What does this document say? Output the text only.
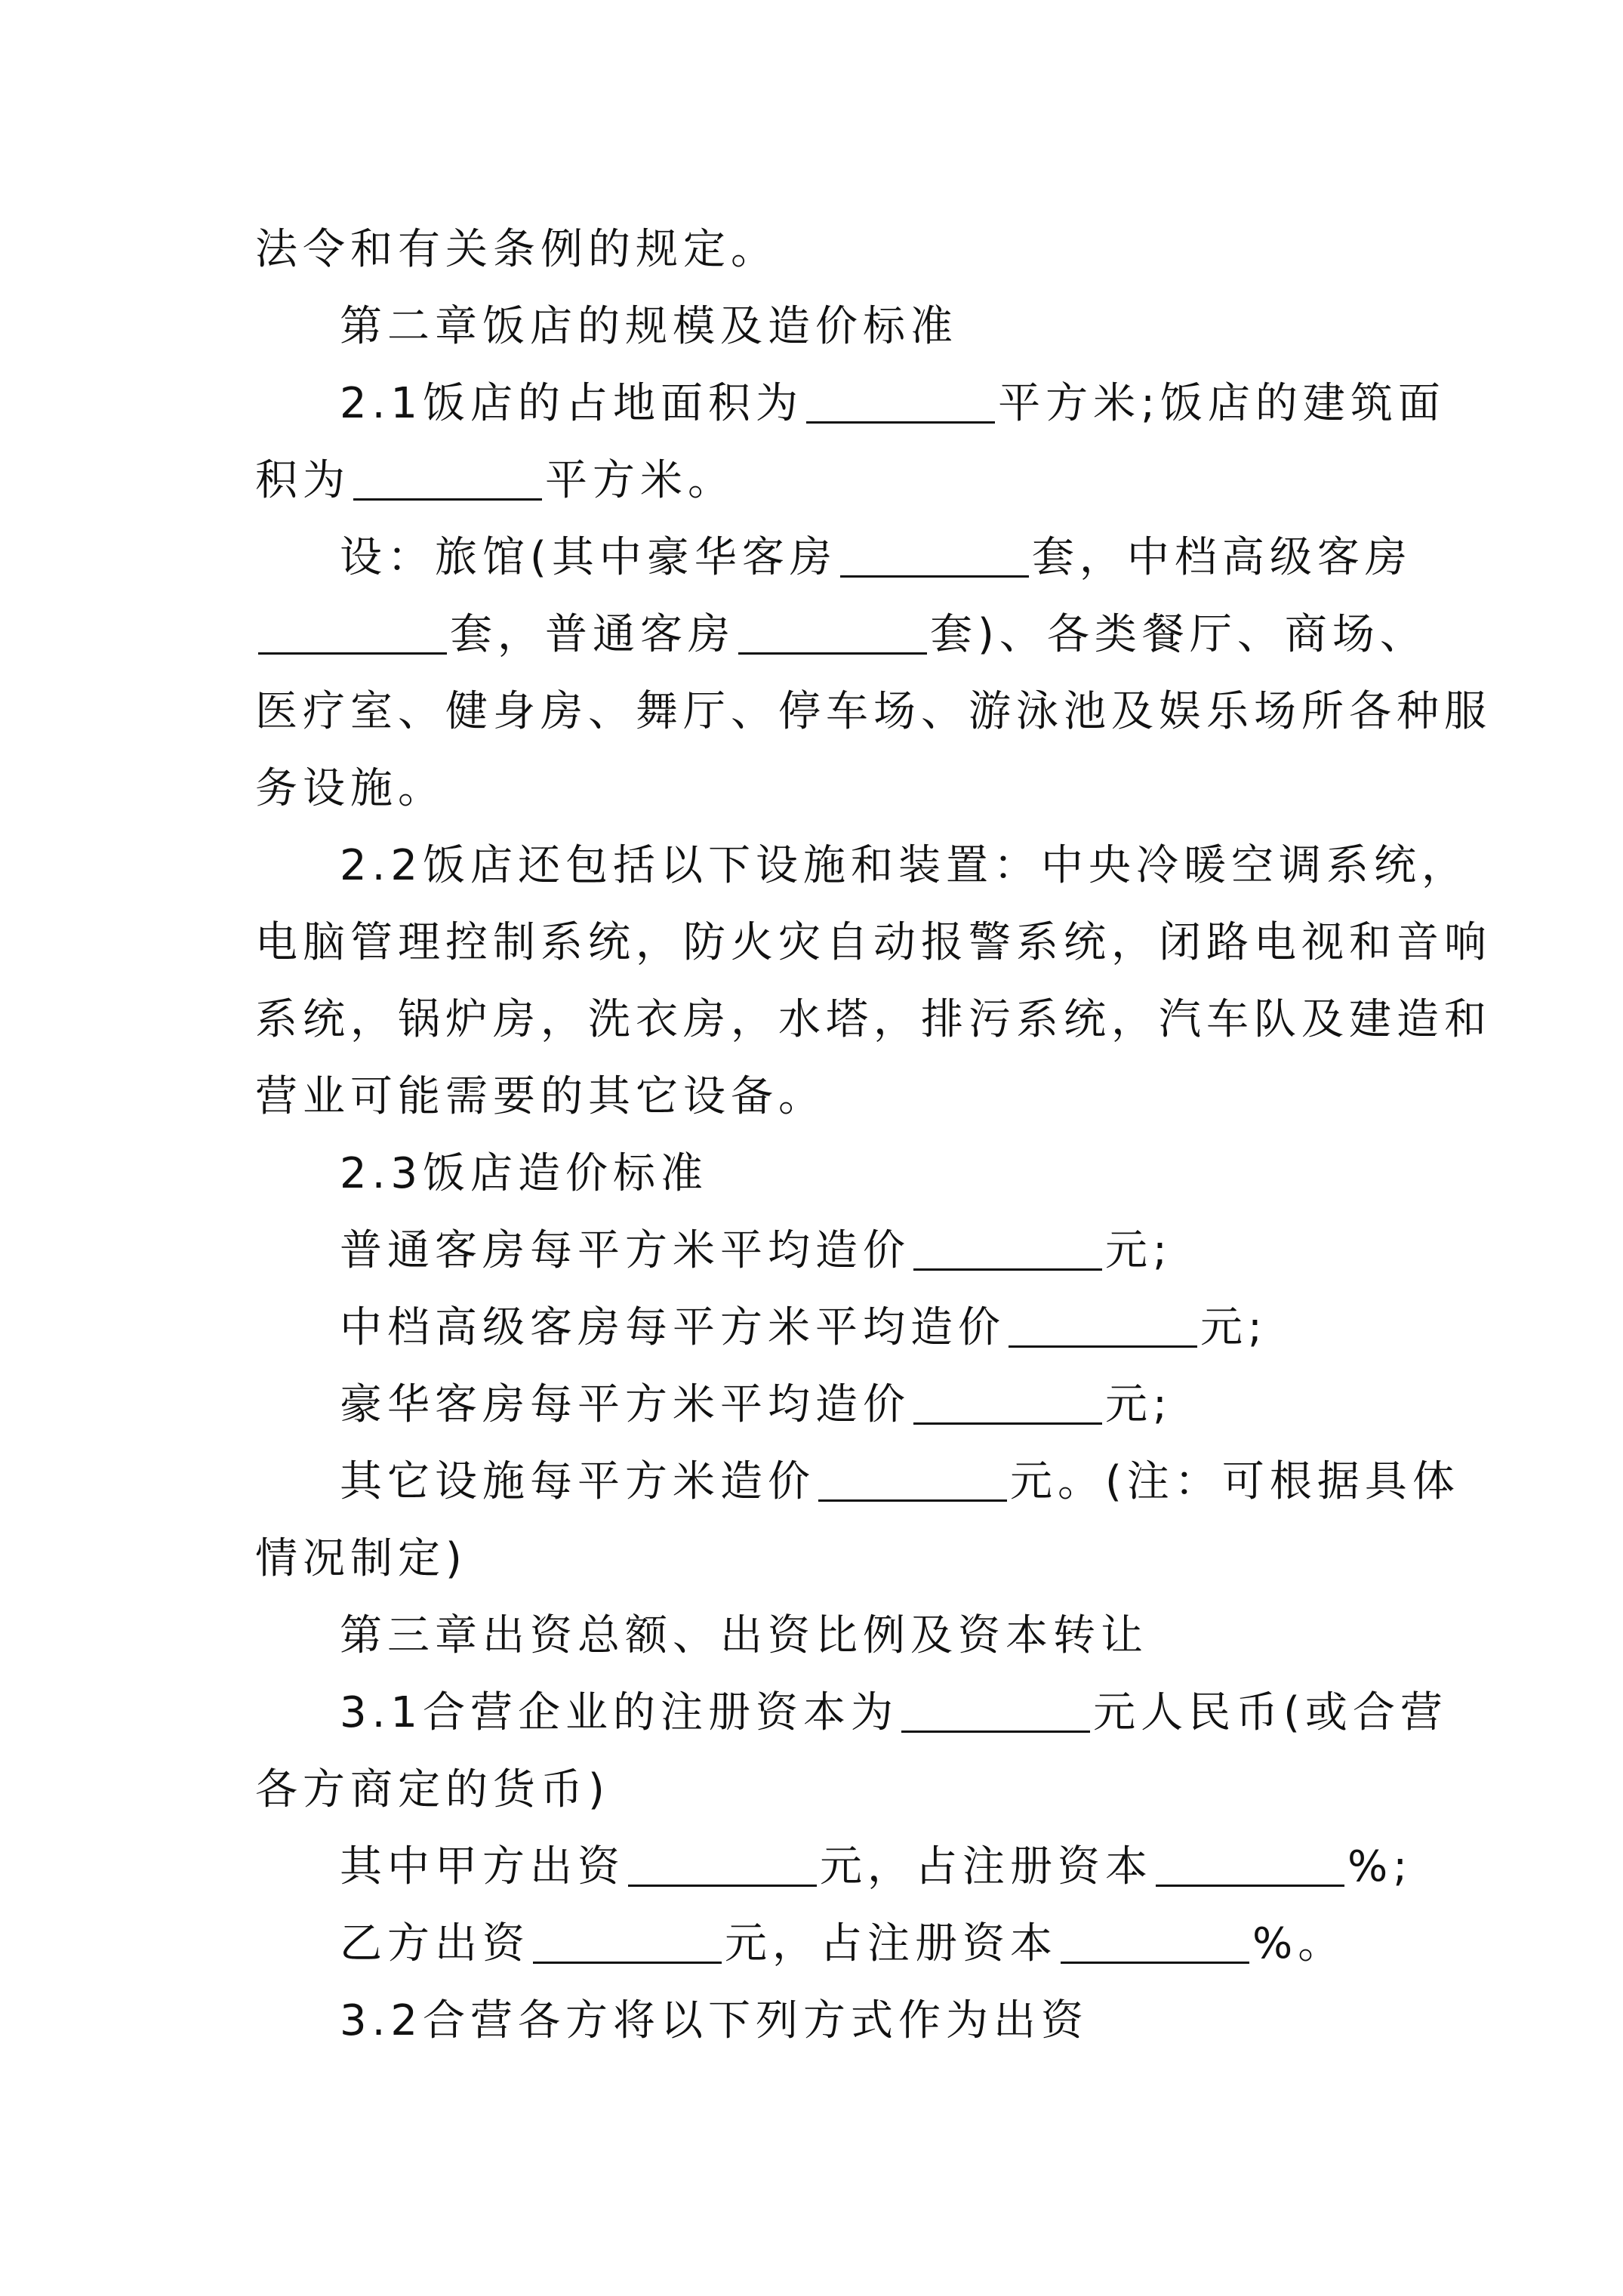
法令和有关条例的规定。
第二章饭店的规模及造价标准
2.1饭店的占地面积为	平方米;饭店的建筑面
积为	平方米。
设：旅馆(其中豪华客房	套，中档高级客房
套，普通客房	套)、各类餐厅、商场、
医疗室、健身房、舞厅、停车场、游泳池及娱乐场所各种服
务设施。
2.2饭店还包括以下设施和装置：中央冷暖空调系统，
电脑管理控制系统，防火灾自动报警系统，闭路电视和音响
系统，锅炉房，洗衣房，水塔，排污系统，汽车队及建造和
营业可能需要的其它设备。
2.3饭店造价标准
普通客房每平方米平均造价	元;
中档高级客房每平方米平均造价	元;
豪华客房每平方米平均造价	元;
其它设施每平方米造价	元。(注：可根据具体
情况制定)
第三章出资总额、出资比例及资本转让
3.1合营企业的注册资本为	元人民币(或合营
各方商定的货币)
其中甲方出资	元，占注册资本	%;
乙方出资	元，占注册资本	%。
3.2合营各方将以下列方式作为出资
